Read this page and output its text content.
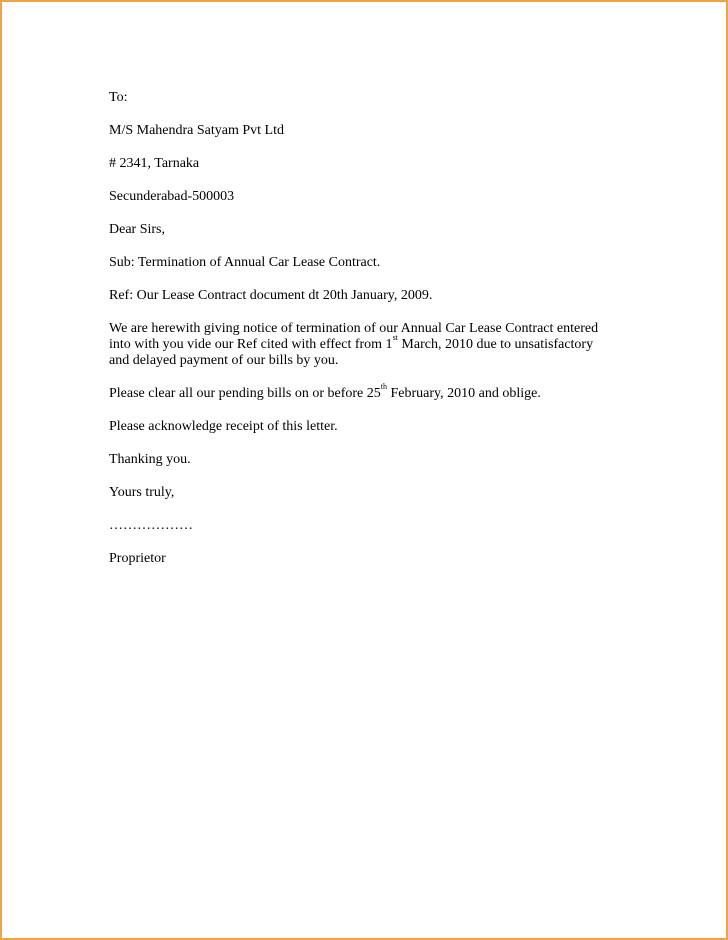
To:

M/S Mahendra Satyam Pvt Ltd

# 2341, Tarnaka

Secunderabad-500003

Dear Sirs,

Sub: Termination of Annual Car Lease Contract.

Ref: Our Lease Contract document dt 20th January, 2009.

We are herewith giving notice of termination of our Annual Car Lease Contract entered
into with you vide our Ref cited with effect from 1st March, 2010 due to unsatisfactory
and delayed payment of our bills by you.

Please clear all our pending bills on or before 25th February, 2010 and oblige.

Please acknowledge receipt of this letter.

Thanking you.

Yours truly,

………………

Proprietor
